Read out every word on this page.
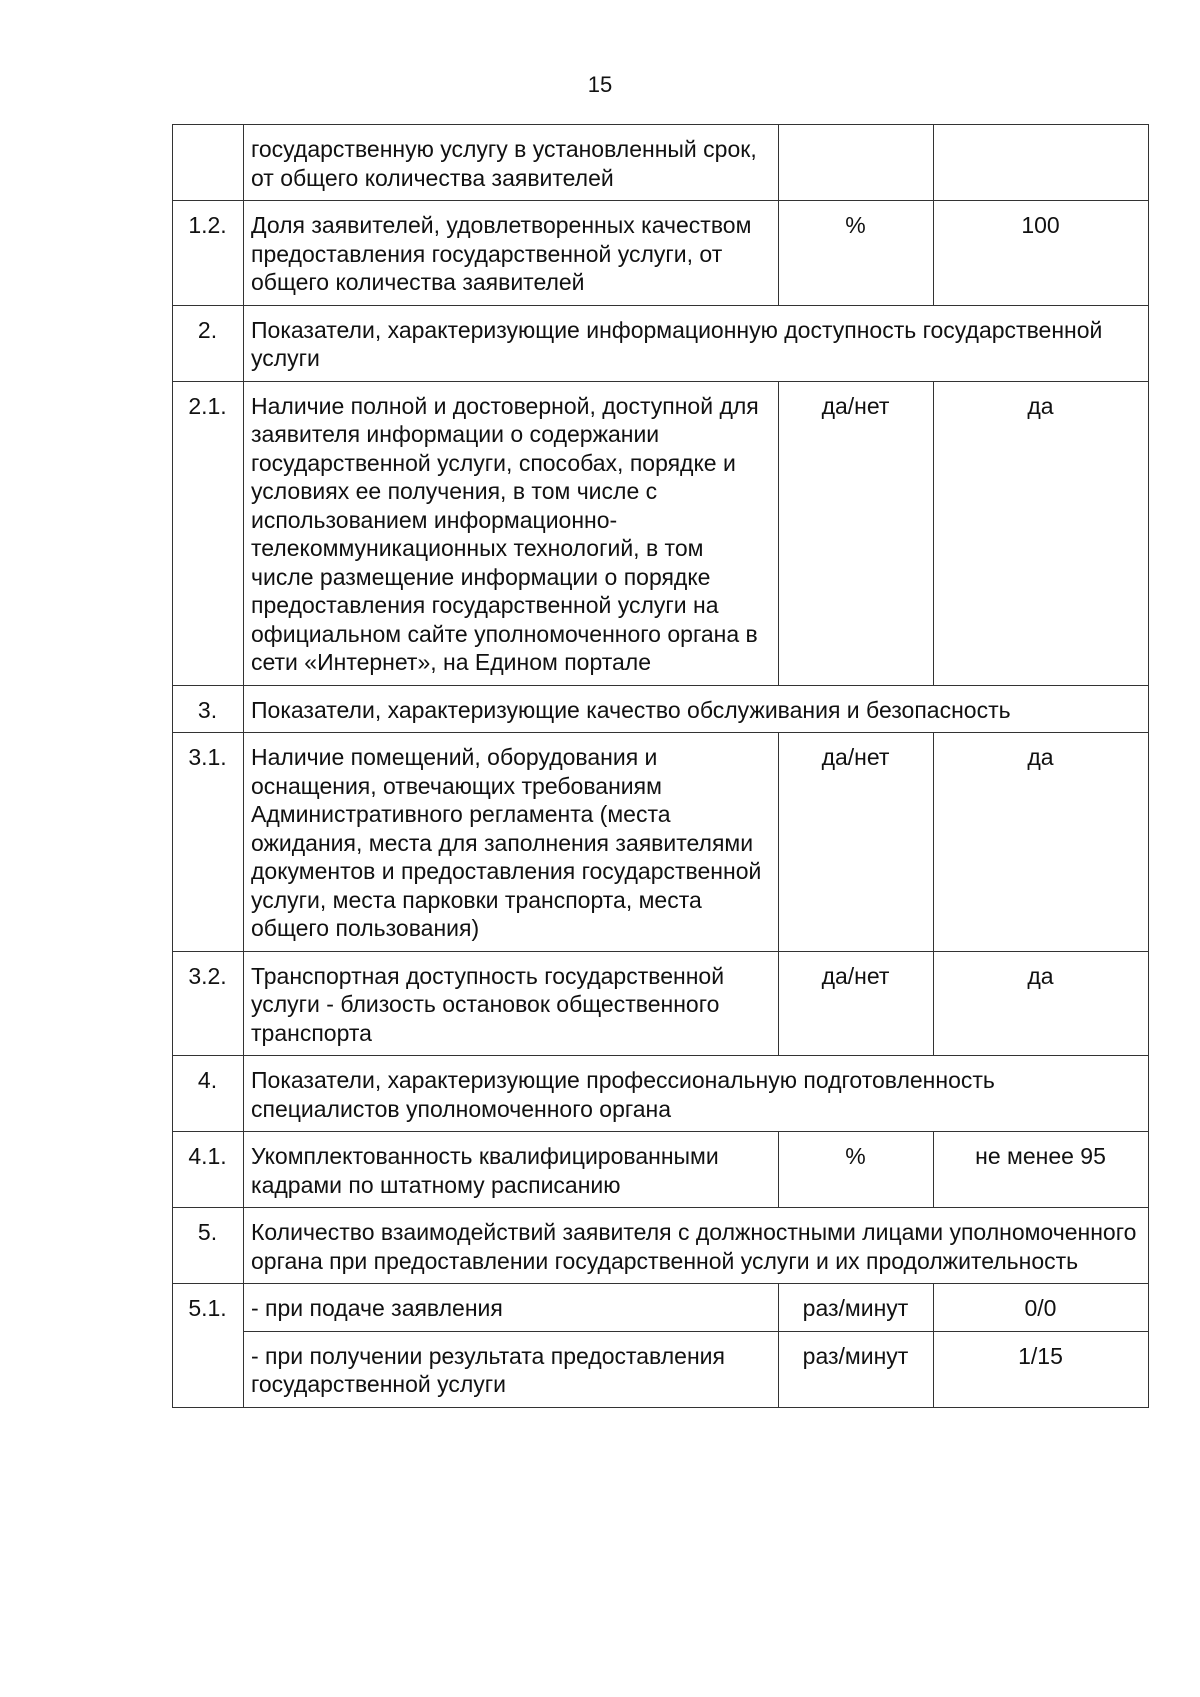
15
	государственную услугу в установленный срок, от общего количества заявителей		
1.2.	Доля заявителей, удовлетворенных качеством предоставления государственной услуги, от общего количества заявителей	%	100
2.	Показатели, характеризующие информационную доступность государственной услуги		
2.1.	Наличие полной и достоверной, доступной для заявителя информации о содержании государственной услуги, способах, порядке и условиях ее получения, в том числе с использованием информационно-телекоммуникационных технологий, в том числе размещение информации о порядке предоставления государственной услуги на официальном сайте уполномоченного органа в сети «Интернет», на Едином портале	да/нет	да
3.	Показатели, характеризующие качество обслуживания и безопасность		
3.1.	Наличие помещений, оборудования и оснащения, отвечающих требованиям Административного регламента (места ожидания, места для заполнения заявителями документов и предоставления государственной услуги, места парковки транспорта, места общего пользования)	да/нет	да
3.2.	Транспортная доступность государственной услуги - близость остановок общественного транспорта	да/нет	да
4.	Показатели, характеризующие профессиональную подготовленность специалистов уполномоченного органа		
4.1.	Укомплектованность квалифицированными кадрами по штатному расписанию	%	не менее 95
5.	Количество взаимодействий заявителя с должностными лицами уполномоченного органа при предоставлении государственной услуги и их продолжительность		
5.1.	- при подаче заявления	раз/минут	0/0
	- при получении результата предоставления государственной услуги	раз/минут	1/15
